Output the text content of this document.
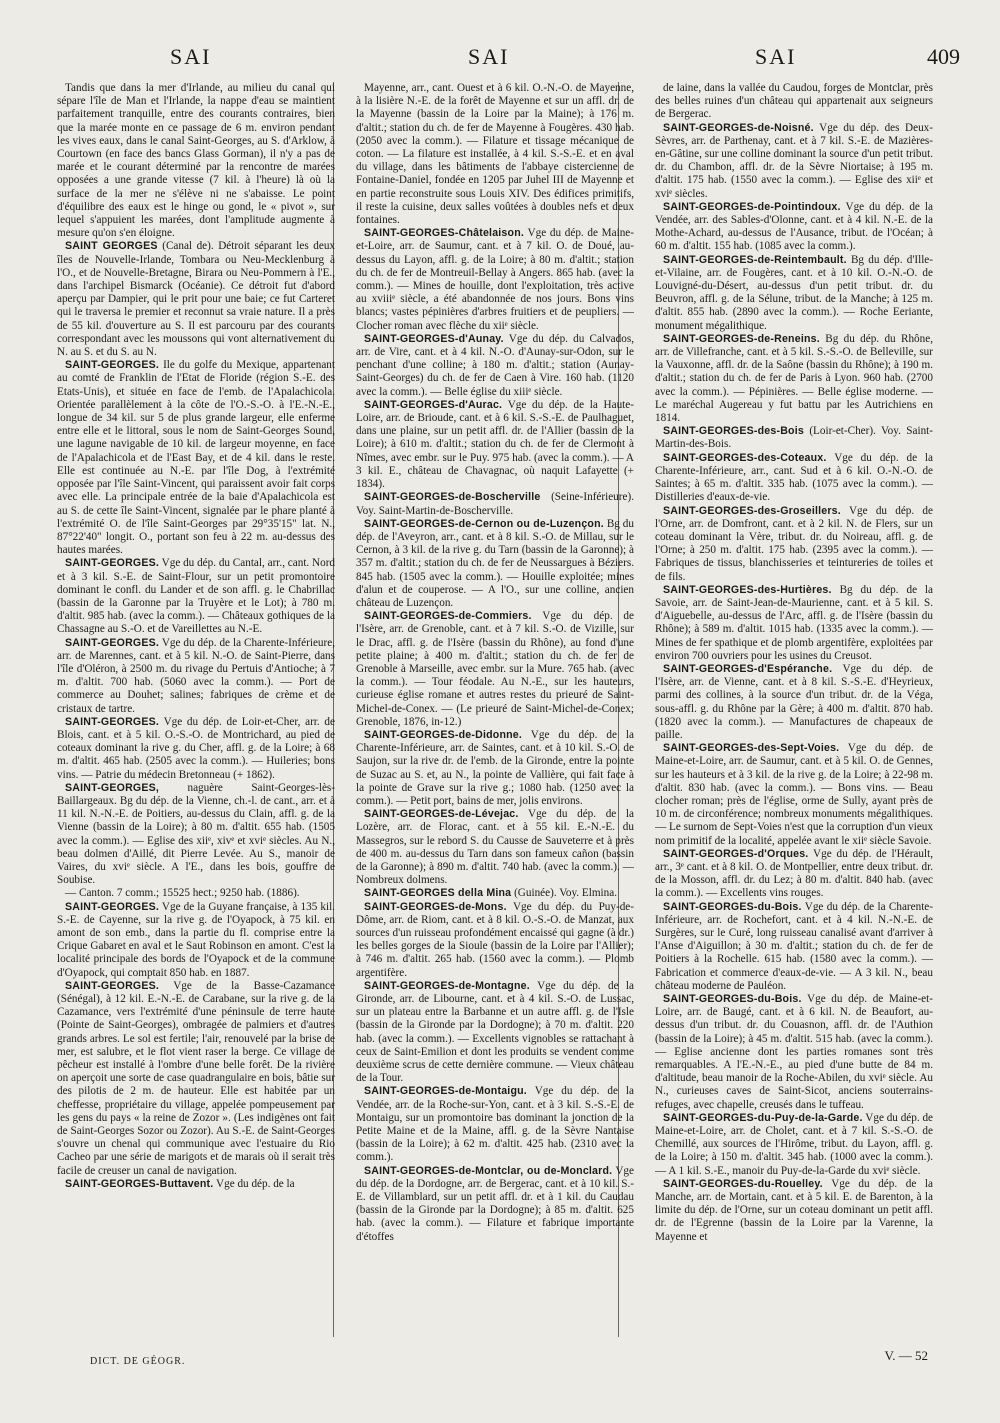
SAI	SAI	SAI	409

Tandis que dans la mer d'Irlande, au milieu du canal qui sépare l'île de Man et l'Irlande, la nappe d'eau se maintient parfaitement tranquille, entre des courants contraires, bien que la marée monte en ce passage de 6 m. environ pendant les vives eaux, dans le canal Saint-Georges, au S. d'Arklow, à Courtown (en face des bancs Glass Gorman), il n'y a pas de marée et le courant déterminé par la rencontre de marées opposées a une grande vitesse (7 kil. à l'heure) là où la surface de la mer ne s'élève ni ne s'abaisse. Le point d'équilibre des eaux est le hinge ou gond, le « pivot », sur lequel s'appuient les marées, dont l'amplitude augmente à mesure qu'on s'en éloigne.

SAINT GEORGES (Canal de). Détroit séparant les deux îles de Nouvelle-Irlande, Tombara ou Neu-Mecklenburg à l'O., et de Nouvelle-Bretagne, Birara ou Neu-Pommern à l'E., dans l'archipel Bismarck (Océanie). Ce détroit fut d'abord aperçu par Dampier, qui le prit pour une baie; ce fut Carteret qui le traversa le premier et reconnut sa vraie nature. Il a près de 55 kil. d'ouverture au S. Il est parcouru par des courants correspondant avec les moussons qui vont alternativement du N. au S. et du S. au N.

SAINT-GEORGES. Ile du golfe du Mexique, appartenant au comté de Franklin de l'Etat de Floride (région S.-E. des Etats-Unis), et située en face de l'emb. de l'Apalachicola. Orientée parallèlement à la côte de l'O.-S.-O. à l'E.-N.-E., longue de 34 kil. sur 5 de plus grande largeur, elle enferme entre elle et le littoral, sous le nom de Saint-Georges Sound, une lagune navigable de 10 kil. de largeur moyenne, en face de l'Apalachicola et de l'East Bay, et de 4 kil. dans le reste. Elle est continuée au N.-E. par l'île Dog, à l'extrémité opposée par l'île Saint-Vincent, qui paraissent avoir fait corps avec elle. La principale entrée de la baie d'Apalachicola est au S. de cette île Saint-Vincent, signalée par le phare planté à l'extrémité O. de l'île Saint-Georges par 29°35'15" lat. N., 87°22'40" longit. O., portant son feu à 22 m. au-dessus des hautes marées.

SAINT-GEORGES. Vge du dép. du Cantal, arr., cant. Nord et à 3 kil. S.-E. de Saint-Flour, sur un petit promontoire dominant le confl. du Lander et de son affl. g. le Chabrillac (bassin de la Garonne par la Truyère et le Lot); à 780 m. d'altit. 985 hab. (avec la comm.). — Châteaux gothiques de la Chassagne au S.-O. et de Vareillettes au N.-E.

SAINT-GEORGES. Vge du dép. de la Charente-Inférieure, arr. de Marennes, cant. et à 5 kil. N.-O. de Saint-Pierre, dans l'île d'Oléron, à 2500 m. du rivage du Pertuis d'Antioche; à 7 m. d'altit. 700 hab. (5060 avec la comm.). — Port de commerce au Douhet; salines; fabriques de crème et de cristaux de tartre.

SAINT-GEORGES. Vge du dép. de Loir-et-Cher, arr. de Blois, cant. et à 5 kil. O.-S.-O. de Montrichard, au pied de coteaux dominant la rive g. du Cher, affl. g. de la Loire; à 68 m. d'altit. 465 hab. (2505 avec la comm.). — Huileries; bons vins. — Patrie du médecin Bretonneau (+ 1862).

SAINT-GEORGES,	naguère Saint-Georges-lès-Baillargeaux. Bg du dép. de la Vienne, ch.-l. de cant., arr. et à 11 kil. N.-N.-E. de Poitiers, au-dessus du Clain, affl. g. de la Vienne (bassin de la Loire); à 80 m. d'altit. 655 hab. (1505 avec la comm.). — Eglise des xiiᵉ, xivᵉ et xviᵉ siècles. Au N., beau dolmen d'Aillé, dit Pierre Levée. Au S., manoir de Vaires, du xviᵉ siècle. A l'E., dans les bois, gouffre de Soubise.

— Canton. 7 comm.; 15525 hect.; 9250 hab. (1886).

SAINT-GEORGES. Vge de la Guyane française, à 135 kil. S.-E. de Cayenne, sur la rive g. de l'Oyapock, à 75 kil. en amont de son emb., dans la partie du fl. comprise entre la Crique Gabaret en aval et le Saut Robinson en amont. C'est la localité principale des bords de l'Oyapock et de la commune d'Oyapock, qui comptait 850 hab. en 1887.

SAINT-GEORGES. Vge de la Basse-Cazamance (Sénégal), à 12 kil. E.-N.-E. de Carabane, sur la rive g. de la Cazamance, vers l'extrémité d'une péninsule de terre haute (Pointe de Saint-Georges), ombragée de palmiers et d'autres grands arbres. Le sol est fertile; l'air, renouvelé par la brise de mer, est salubre, et le flot vient raser la berge. Ce village de pêcheur est installé à l'ombre d'une belle forêt. De la rivière on aperçoit une sorte de case quadrangulaire en bois, bâtie sur des pilotis de 2 m. de hauteur. Elle est habitée par un cheffesse, propriétaire du village, appelée pompeusement par les gens du pays « la reine de Zozor ». (Les indigènes ont fait de Saint-Georges Sozor ou Zozor). Au S.-E. de Saint-Georges s'ouvre un chenal qui communique avec l'estuaire du Rio Cacheo par une série de marigots et de marais où il serait très facile de creuser un canal de navigation.

SAINT-GEORGES-Buttavent. Vge du dép. de la

Mayenne, arr., cant. Ouest et à 6 kil. O.-N.-O. de Mayenne, à la lisière N.-E. de la forêt de Mayenne et sur un affl. dr. de la Mayenne (bassin de la Loire par la Maine); à 176 m. d'altit.; station du ch. de fer de Mayenne à Fougères. 430 hab. (2050 avec la comm.). — Filature et tissage mécanique de coton. — La filature est installée, à 4 kil. S.-S.-E. et en aval du village, dans les bâtiments de l'abbaye cistercienne de Fontaine-Daniel, fondée en 1205 par Juhel III de Mayenne et en partie reconstruite sous Louis XIV. Des édifices primitifs, il reste la cuisine, deux salles voûtées à doubles nefs et deux fontaines.

SAINT-GEORGES-Châtelaison. Vge du dép. de Maine-et-Loire, arr. de Saumur, cant. et à 7 kil. O. de Doué, au-dessus du Layon, affl. g. de la Loire; à 80 m. d'altit.; station du ch. de fer de Montreuil-Bellay à Angers. 865 hab. (avec la comm.). — Mines de houille, dont l'exploitation, très active au xviiiᵉ siècle, a été abandonnée de nos jours. Bons vins blancs; vastes pépinières d'arbres fruitiers et de peupliers. — Clocher roman avec flèche du xiiᵉ siècle.

SAINT-GEORGES-d'Aunay. Vge du dép. du Calvados, arr. de Vire, cant. et à 4 kil. N.-O. d'Aunay-sur-Odon, sur le penchant d'une colline; à 180 m. d'altit.; station (Aunay-Saint-Georges) du ch. de fer de Caen à Vire. 160 hab. (1120 avec la comm.). — Belle église du xiiiᵉ siècle.

SAINT-GEORGES-d'Aurac. Vge du dép. de la Haute-Loire, arr. de Brioude, cant. et à 6 kil. S.-S.-E. de Paulhaguet, dans une plaine, sur un petit affl. dr. de l'Allier (bassin de la Loire); à 610 m. d'altit.; station du ch. de fer de Clermont à Nîmes, avec embr. sur le Puy. 975 hab. (avec la comm.). — A 3 kil. E., château de Chavagnac, où naquit Lafayette (+ 1834).

SAINT-GEORGES-de-Boscherville (Seine-Inférieure). Voy. Saint-Martin-de-Boscherville.

SAINT-GEORGES-de-Cernon ou de-Luzençon. Bg du dép. de l'Aveyron, arr., cant. et à 8 kil. S.-O. de Millau, sur le Cernon, à 3 kil. de la rive g. du Tarn (bassin de la Garonne); à 357 m. d'altit.; station du ch. de fer de Neussargues à Béziers. 845 hab. (1505 avec la comm.). — Houille exploitée; mines d'alun et de couperose. — A l'O., sur une colline, ancien château de Luzençon.

SAINT-GEORGES-de-Commiers. Vge du dép. de l'Isère, arr. de Grenoble, cant. et à 7 kil. S.-O. de Vizille, sur le Drac, affl. g. de l'Isère (bassin du Rhône), au fond d'une petite plaine; à 400 m. d'altit.; station du ch. de fer de Grenoble à Marseille, avec embr. sur la Mure. 765 hab. (avec la comm.). — Tour féodale. Au N.-E., sur les hauteurs, curieuse église romane et autres restes du prieuré de Saint-Michel-de-Conex. — (Le prieuré de Saint-Michel-de-Conex; Grenoble, 1876, in-12.)

SAINT-GEORGES-de-Didonne. Vge du dép. de la Charente-Inférieure, arr. de Saintes, cant. et à 10 kil. S.-O. de Saujon, sur la rive dr. de l'emb. de la Gironde, entre la pointe de Suzac au S. et, au N., la pointe de Vallière, qui fait face à la pointe de Grave sur la rive g.; 1080 hab. (1250 avec la comm.). — Petit port, bains de mer, jolis environs.

SAINT-GEORGES-de-Lévejac. Vge du dép. de la Lozère, arr. de Florac, cant. et à 55 kil. E.-N.-E. du Massegros, sur le rebord S. du Causse de Sauveterre et à près de 400 m. au-dessus du Tarn dans son fameux cañon (bassin de la Garonne); à 890 m. d'altit. 740 hab. (avec la comm.). — Nombreux dolmens.

SAINT-GEORGES della Mina (Guinée). Voy. Elmina.

SAINT-GEORGES-de-Mons. Vge du dép. du Puy-de-Dôme, arr. de Riom, cant. et à 8 kil. O.-S.-O. de Manzat, aux sources d'un ruisseau profondément encaissé qui gagne (à dr.) les belles gorges de la Sioule (bassin de la Loire par l'Allier); à 746 m. d'altit. 265 hab. (1560 avec la comm.). — Plomb argentifère.

SAINT-GEORGES-de-Montagne. Vge du dép. de la Gironde, arr. de Libourne, cant. et à 4 kil. S.-O. de Lussac, sur un plateau entre la Barbanne et un autre affl. g. de l'Isle (bassin de la Gironde par la Dordogne); à 70 m. d'altit. 220 hab. (avec la comm.). — Excellents vignobles se rattachant à ceux de Saint-Emilion et dont les produits se vendent comme deuxième scrus de cette dernière commune. — Vieux château de la Tour.

SAINT-GEORGES-de-Montaigu. Vge du dép. de la Vendée, arr. de la Roche-sur-Yon, cant. et à 3 kil. S.-S.-E. de Montaigu, sur un promontoire bas dominant la jonction de la Petite Maine et de la Maine, affl. g. de la Sèvre Nantaise (bassin de la Loire); à 62 m. d'altit. 425 hab. (2310 avec la comm.).

SAINT-GEORGES-de-Montclar, ou de-Monclard. Vge du dép. de la Dordogne, arr. de Bergerac, cant. et à 10 kil. S.-E. de Villamblard, sur un petit affl. dr. et à 1 kil. du Caudau (bassin de la Gironde par la Dordogne); à 85 m. d'altit. 625 hab. (avec la comm.). — Filature et fabrique importante d'étoffes

de laine, dans la vallée du Caudou, forges de Montclar, près des belles ruines d'un château qui appartenait aux seigneurs de Bergerac.

SAINT-GEORGES-de-Noisné. Vge du dép. des Deux-Sèvres, arr. de Parthenay, cant. et à 7 kil. S.-E. de Mazières-en-Gâtine, sur une colline dominant la source d'un petit tribut. dr. du Chambon, affl. dr. de la Sèvre Niortaise; à 195 m. d'altit. 175 hab. (1550 avec la comm.). — Eglise des xiiᵉ et xviᵉ siècles.

SAINT-GEORGES-de-Pointindoux. Vge du dép. de la Vendée, arr. des Sables-d'Olonne, cant. et à 4 kil. N.-E. de la Mothe-Achard, au-dessus de l'Ausance, tribut. de l'Océan; à 60 m. d'altit. 155 hab. (1085 avec la comm.).

SAINT-GEORGES-de-Reintembault. Bg du dép. d'Ille-et-Vilaine, arr. de Fougères, cant. et à 10 kil. O.-N.-O. de Louvigné-du-Désert, au-dessus d'un petit tribut. dr. du Beuvron, affl. g. de la Sélune, tribut. de la Manche; à 125 m. d'altit. 855 hab. (2890 avec la comm.). — Roche Eeriante, monument mégalithique.

SAINT-GEORGES-de-Reneins. Bg du dép. du Rhône, arr. de Villefranche, cant. et à 5 kil. S.-S.-O. de Belleville, sur la Vauxonne, affl. dr. de la Saône (bassin du Rhône); à 190 m. d'altit.; station du ch. de fer de Paris à Lyon. 960 hab. (2700 avec la comm.). — Pépinières. — Belle église moderne. — Le maréchal Augereau y fut battu par les Autrichiens en 1814.

SAINT-GEORGES-des-Bois (Loir-et-Cher). Voy. Saint-Martin-des-Bois.

SAINT-GEORGES-des-Coteaux. Vge du dép. de la Charente-Inférieure, arr., cant. Sud et à 6 kil. O.-N.-O. de Saintes; à 65 m. d'altit. 335 hab. (1075 avec la comm.). — Distilleries d'eaux-de-vie.

SAINT-GEORGES-des-Groseillers. Vge du dép. de l'Orne, arr. de Domfront, cant. et à 2 kil. N. de Flers, sur un coteau dominant la Vère, tribut. dr. du Noireau, affl. g. de l'Orne; à 250 m. d'altit. 175 hab. (2395 avec la comm.). — Fabriques de tissus, blanchisseries et teintureries de toiles et de fils.

SAINT-GEORGES-des-Hurtières. Bg du dép. de la Savoie, arr. de Saint-Jean-de-Maurienne, cant. et à 5 kil. S. d'Aiguebelle, au-dessus de l'Arc, affl. g. de l'Isère (bassin du Rhône); à 589 m. d'altit. 1015 hab. (1335 avec la comm.). — Mines de fer spathique et de plomb argentifère, exploitées par environ 700 ouvriers pour les usines du Creusot.

SAINT-GEORGES-d'Espéranche. Vge du dép. de l'Isère, arr. de Vienne, cant. et à 8 kil. S.-S.-E. d'Heyrieux, parmi des collines, à la source d'un tribut. dr. de la Véga, sous-affl. g. du Rhône par la Gère; à 400 m. d'altit. 870 hab. (1820 avec la comm.). — Manufactures de chapeaux de paille.

SAINT-GEORGES-des-Sept-Voies. Vge du dép. de Maine-et-Loire, arr. de Saumur, cant. et à 5 kil. O. de Gennes, sur les hauteurs et à 3 kil. de la rive g. de la Loire; à 22-98 m. d'altit. 830 hab. (avec la comm.). — Bons vins. — Beau clocher roman; près de l'église, orme de Sully, ayant près de 10 m. de circonférence; nombreux monuments mégalithiques. — Le surnom de Sept-Voies n'est que la corruption d'un vieux nom primitif de la localité, appelée avant le xiiᵉ siècle Savoie.

SAINT-GEORGES-d'Orques. Vge du dép. de l'Hérault, arr., 3ᵉ cant. et à 8 kil. O. de Montpellier, entre deux tribut. dr. de la Mosson, affl. dr. du Lez; à 80 m. d'altit. 840 hab. (avec la comm.). — Excellents vins rouges.

SAINT-GEORGES-du-Bois. Vge du dép. de la Charente-Inférieure, arr. de Rochefort, cant. et à 4 kil. N.-N.-E. de Surgères, sur le Curé, long ruisseau canalisé avant d'arriver à l'Anse d'Aiguillon; à 30 m. d'altit.; station du ch. de fer de Poitiers à la Rochelle. 615 hab. (1580 avec la comm.). — Fabrication et commerce d'eaux-de-vie. — A 3 kil. N., beau château moderne de Pauléon.

SAINT-GEORGES-du-Bois. Vge du dép. de Maine-et-Loire, arr. de Baugé, cant. et à 6 kil. N. de Beaufort, au-dessus d'un tribut. dr. du Couasnon, affl. dr. de l'Authion (bassin de la Loire); à 45 m. d'altit. 515 hab. (avec la comm.). — Eglise ancienne dont les parties romanes sont très remarquables. A l'E.-N.-E., au pied d'une butte de 84 m. d'altitude, beau manoir de la Roche-Abilen, du xviᵉ siècle. Au N., curieuses caves de Saint-Sicot, anciens souterrains-refuges, avec chapelle, creusés dans le tuffeau.

SAINT-GEORGES-du-Puy-de-la-Garde. Vge du dép. de Maine-et-Loire, arr. de Cholet, cant. et à 7 kil. S.-S.-O. de Chemillé, aux sources de l'Hirôme, tribut. du Layon, affl. g. de la Loire; à 150 m. d'altit. 345 hab. (1000 avec la comm.). — A 1 kil. S.-E., manoir du Puy-de-la-Garde du xviᵉ siècle.

SAINT-GEORGES-du-Rouelley. Vge du dép. de la Manche, arr. de Mortain, cant. et à 5 kil. E. de Barenton, à la limite du dép. de l'Orne, sur un coteau dominant un petit affl. dr. de l'Egrenne (bassin de la Loire par la Varenne, la Mayenne et

DICT. DE GÉOGR.	V. — 52
